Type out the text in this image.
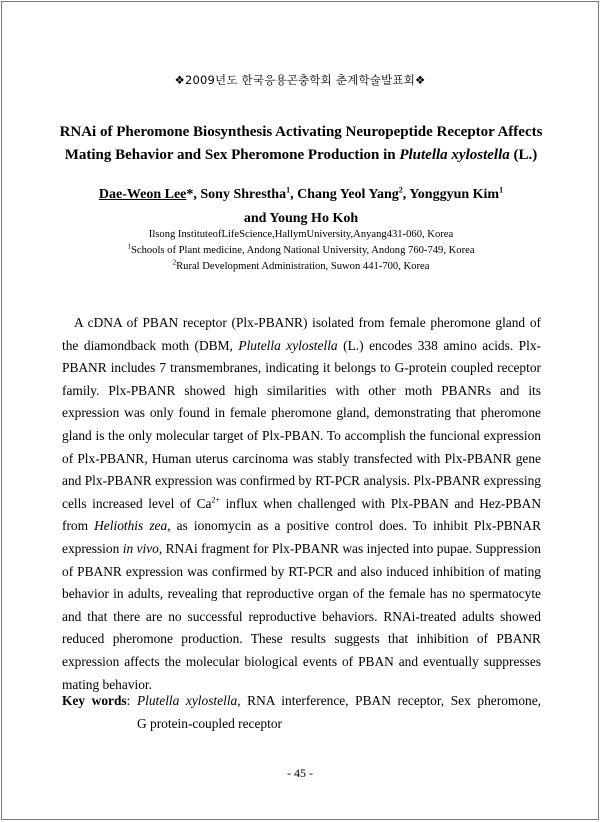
❖2009년도 한국응용곤충학회 춘계학술발표회❖
RNAi of Pheromone Biosynthesis Activating Neuropeptide Receptor Affects
Mating Behavior and Sex Pheromone Production in Plutella xylostella (L.)
Dae-Weon Lee*, Sony Shrestha$^1$, Chang Yeol Yang$^2$, Yonggyun Kim$^1$
and Young Ho Koh
Ilsong InstituteofLifeScience,HallymUniversity,Anyang431-060, Korea
$^1$Schools of Plant medicine, Andong National University, Andong 760-749, Korea
$^2$Rural Development Administration, Suwon 441-700, Korea

A cDNA of PBAN receptor (Plx-PBANR) isolated from female pheromone gland of the diamondback moth (DBM, Plutella xylostella (L.) encodes 338 amino acids. Plx-PBANR includes 7 transmembranes, indicating it belongs to G-protein coupled receptor family. Plx-PBANR showed high similarities with other moth PBANRs and its expression was only found in female pheromone gland, demonstrating that pheromone gland is the only molecular target of Plx-PBAN. To accomplish the funcional expression of Plx-PBANR, Human uterus carcinoma was stably transfected with Plx-PBANR gene and Plx-PBANR expression was confirmed by RT-PCR analysis. Plx-PBANR expressing cells increased level of $Ca^{2+}$ influx when challenged with Plx-PBAN and Hez-PBAN from Heliothis zea, as ionomycin as a positive control does. To inhibit Plx-PBNAR expression in vivo, RNAi fragment for Plx-PBANR was injected into pupae. Suppression of PBANR expression was confirmed by RT-PCR and also induced inhibition of mating behavior in adults, revealing that reproductive organ of the female has no spermatocyte and that there are no successful reproductive behaviors. RNAi-treated adults showed reduced pheromone production. These results suggests that inhibition of PBANR expression affects the molecular biological events of PBAN and eventually suppresses mating behavior.

Key words: Plutella xylostella, RNA interference, PBAN receptor, Sex pheromone,
G protein-coupled receptor
- 45 -
